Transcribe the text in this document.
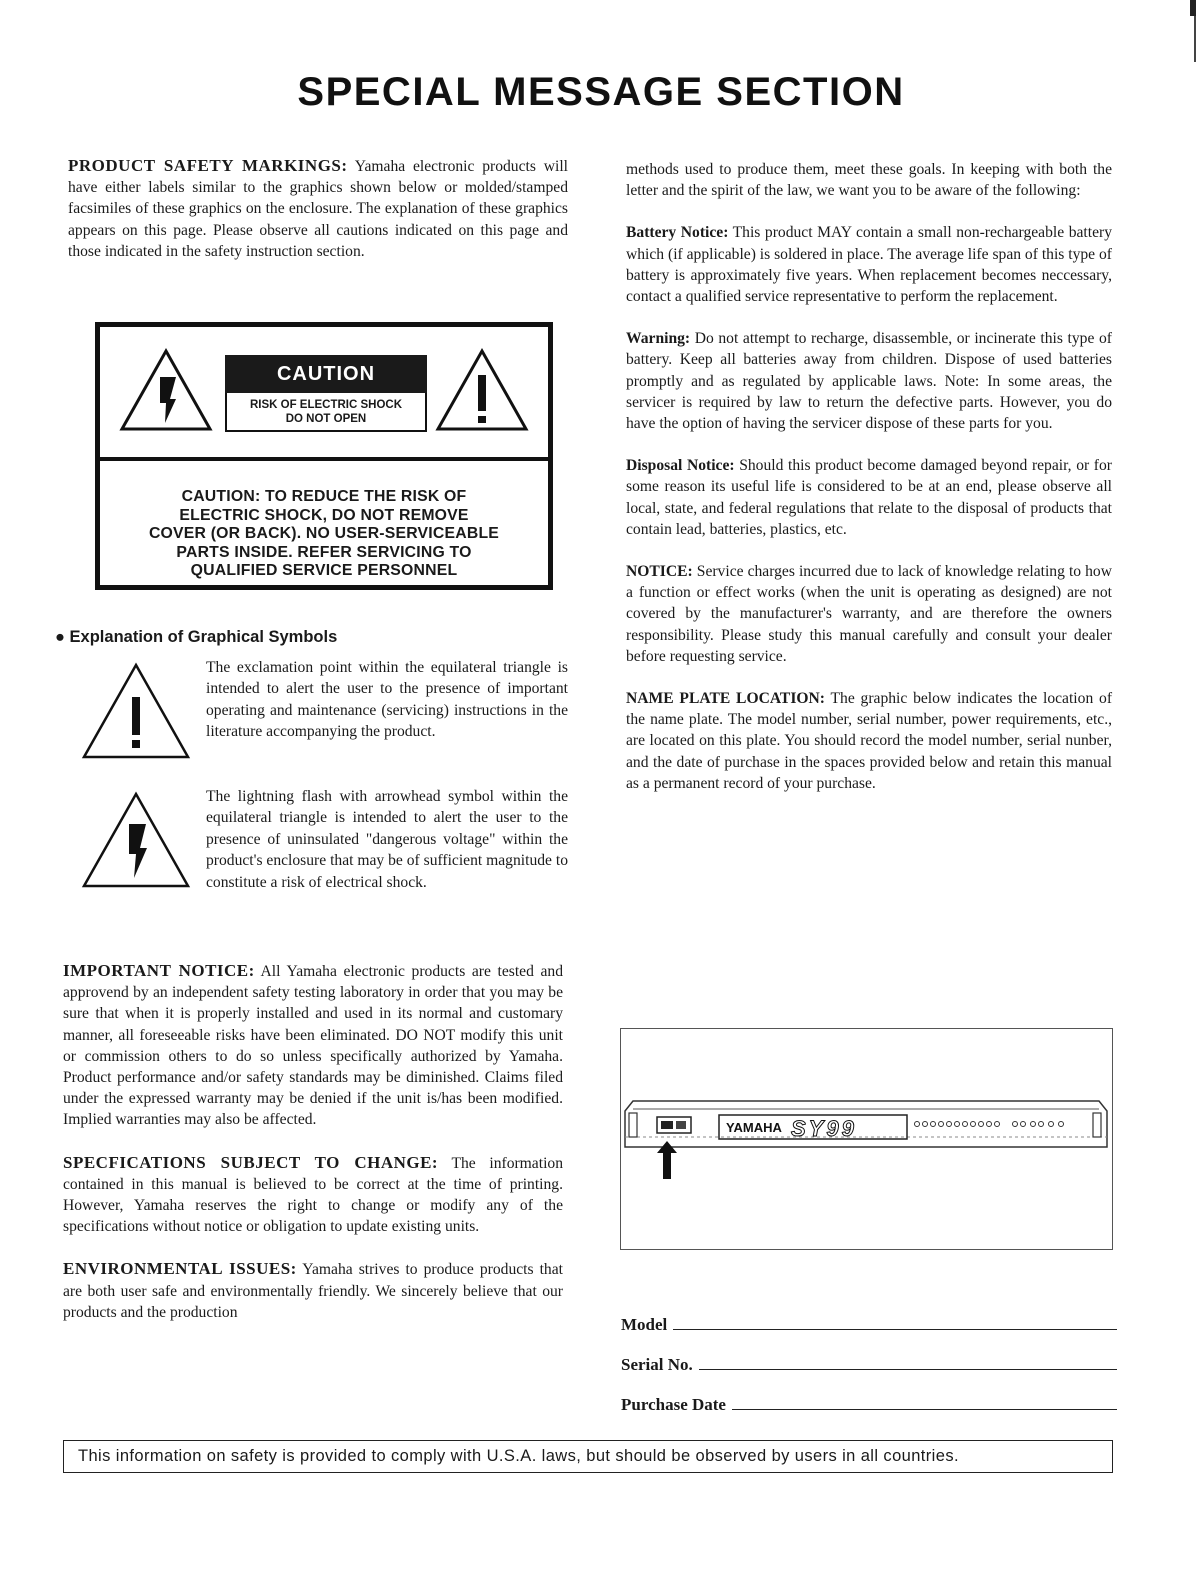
SPECIAL MESSAGE SECTION

PRODUCT SAFETY MARKINGS: Yamaha electronic products will have either labels similar to the graphics shown below or molded/stamped facsimiles of these graphics on the enclosure. The explanation of these graphics appears on this page. Please observe all cautions indicated on this page and those indicated in the safety instruction section.

CAUTION
RISK OF ELECTRIC SHOCK
DO NOT OPEN
CAUTION: TO REDUCE THE RISK OF
ELECTRIC SHOCK, DO NOT REMOVE
COVER (OR BACK). NO USER-SERVICEABLE
PARTS INSIDE. REFER SERVICING TO
QUALIFIED SERVICE PERSONNEL
● Explanation of Graphical Symbols
The exclamation point within the equilateral triangle is intended to alert the user to the presence of important operating and maintenance (servicing) instructions in the literature accompanying the product.
The lightning flash with arrowhead symbol within the equilateral triangle is intended to alert the user to the presence of uninsulated "dangerous voltage" within the product's enclosure that may be of sufficient magnitude to constitute a risk of electrical shock.

IMPORTANT NOTICE: All Yamaha electronic products are tested and approvend by an independent safety testing laboratory in order that you may be sure that when it is properly installed and used in its normal and customary manner, all foreseeable risks have been eliminated. DO NOT modify this unit or commission others to do so unless specifically authorized by Yamaha. Product performance and/or safety standards may be diminished. Claims filed under the expressed warranty may be denied if the unit is/has been modified. Implied warranties may also be affected.

SPECFICATIONS SUBJECT TO CHANGE: The information contained in this manual is believed to be correct at the time of printing. However, Yamaha reserves the right to change or modify any of the specifications without notice or obligation to update existing units.

ENVIRONMENTAL ISSUES: Yamaha strives to produce products that are both user safe and environmentally friendly. We sincerely believe that our products and the production

methods used to produce them, meet these goals. In keeping with both the letter and the spirit of the law, we want you to be aware of the following:

Battery Notice: This product MAY contain a small non-rechargeable battery which (if applicable) is soldered in place. The average life span of this type of battery is approximately five years. When replacement becomes neccessary, contact a qualified service representative to perform the replacement.

Warning: Do not attempt to recharge, disassemble, or incinerate this type of battery. Keep all batteries away from children. Dispose of used batteries promptly and as regulated by applicable laws. Note: In some areas, the servicer is required by law to return the defective parts. However, you do have the option of having the servicer dispose of these parts for you.

Disposal Notice: Should this product become damaged beyond repair, or for some reason its useful life is considered to be at an end, please observe all local, state, and federal regulations that relate to the disposal of products that contain lead, batteries, plastics, etc.

NOTICE: Service charges incurred due to lack of knowledge relating to how a function or effect works (when the unit is operating as designed) are not covered by the manufacturer's warranty, and are therefore the owners responsibility. Please study this manual carefully and consult your dealer before requesting service.

NAME PLATE LOCATION: The graphic below indicates the location of the name plate. The model number, serial number, power requirements, etc., are located on this plate. You should record the model number, serial nunber, and the date of purchase in the spaces provided below and retain this manual as a permanent record of your purchase.

YAMAHA SY99
Model
Serial No.
Purchase Date
This information on safety is provided to comply with U.S.A. laws, but should be observed by users in all countries.
